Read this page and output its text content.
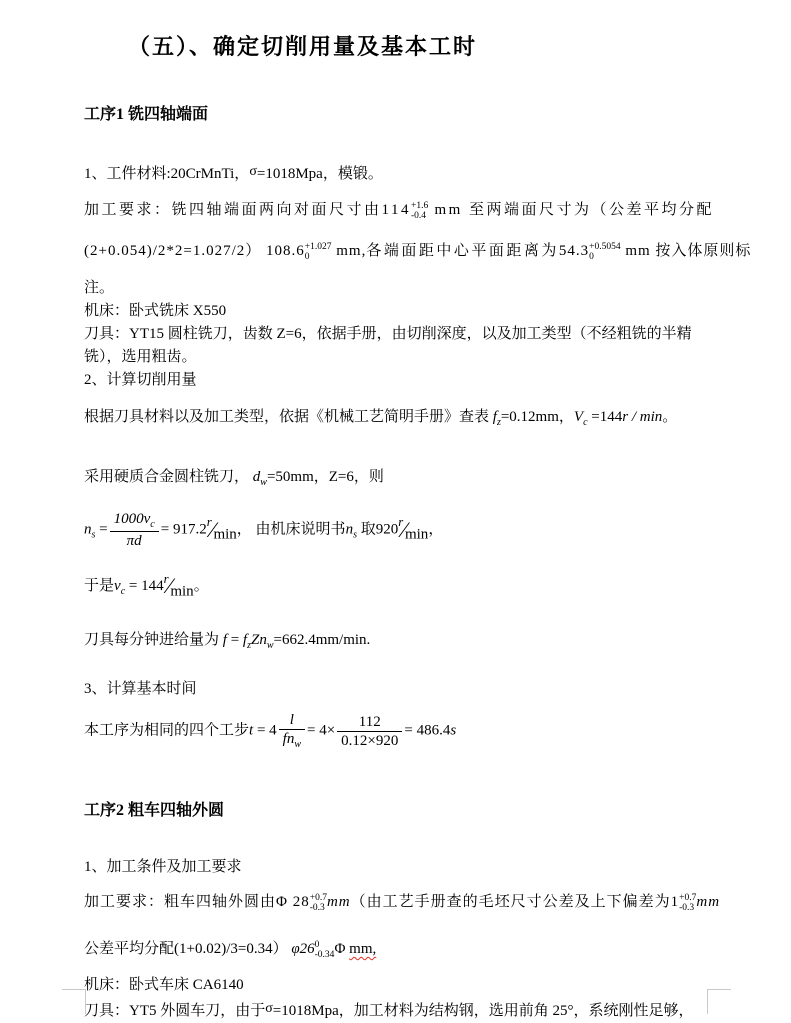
（五）、确定切削用量及基本工时
工序1 铣四轴端面

1、工件材料:20CrMnTi，σ=1018Mpa，模锻。

加工要求：铣四轴端面两向对面尺寸由114 +1.6
-0.4 mm 至两端面尺寸为（公差平均分配

(2+0.054)/2*2=1.027/2） 108.6 +1.027
0	mm,各端面距中心平面距离为54.3 +0.5054
0	mm 按入体原则标

注。

机床：卧式铣床 X550

刀具：YT15 圆柱铣刀，齿数 Z=6，依据手册，由切削深度，以及加工类型（不经粗铣的半精

铣），选用粗齿。

2、计算切削用量

根据刀具材料以及加工类型，依据《机械工艺简明手册》查表 $f_z=0.12mm$，$V_c =144r / \min$。

采用硬质合金圆柱铣刀， $d_w=50mm$，Z=6，则

$n_s = \frac{1000v_c}{\pi d}$ = $917.2^r⁄\min$， 由机床说明书$n_s$ 取920$^r$⁄min，

于是$v_c$ = $144^r⁄\min$。

刀具每分钟进给量为 $f = f_zZn_w=662.4mm/\min$.

3、计算基本时间

本工序为相同的四个工步$t = 4 \frac{l}{fn_w} = 4\times \frac{112}{0.12\times 920} = 486.4s$

工序2 粗车四轴外圆

1、加工条件及加工要求

加工要求：粗车四轴外圆由Φ 28 +0.7
-0.3 mm（由工艺手册查的毛坯尺寸公差及上下偏差为1 +0.7
-0.3 mm

公差平均分配(1+0.02)/3=0.34） φ26 0
-0.34 Φ mm,

机床：卧式车床 CA6140

刀具：YT5 外圆车刀，由于σ=1018Mpa，加工材料为结构钢，选用前角 25°，系统刚性足够，
